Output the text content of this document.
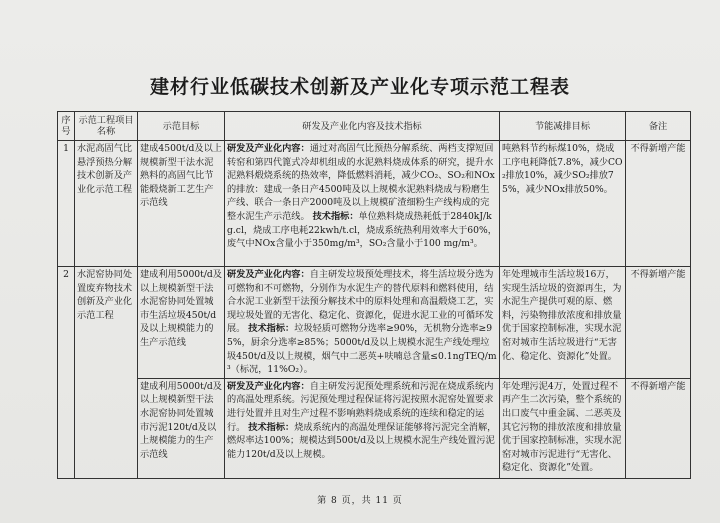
建材行业低碳技术创新及产业化专项示范工程表
序号	示范工程项目名称	示范目标	研发及产业化内容及技术指标	节能减排目标	备注
1	水泥高固气比悬浮预热分解技术创新及产业化示范工程	建成4500t/d及以上规模新型干法水泥熟料的高固气比节能煅烧新工艺生产示范线	研发及产业化内容：通过对高固气比预热分解系统、两档支撑短回转窑和第四代篦式冷却机组成的水泥熟料烧成体系的研究，提升水泥熟料煅烧系统的热效率，降低燃料消耗，减少CO₂、SO₂和NOx的排放：建成一条日产4500吨及以上规模水泥熟料烧成与粉磨生产线、联合一条日产2000吨及以上规模矿渣细粉生产线构成的完整水泥生产示范线。 技术指标：单位熟料烧成热耗低于2840kJ/kg.cl，烧成工序电耗22kwh/t.cl，烧成系统热利用效率大于60%，废气中NOx含量小于350mg/m³，SO₂含量小于100 mg/m³。	吨熟料节约标煤10%，烧成工序电耗降低7.8%，减少CO₂排放10%，减少SO₂排放75%，减少NOx排放50%。	不得新增产能
2	水泥窑协同处置废弃物技术创新及产业化示范工程	建成利用5000t/d及以上规模新型干法水泥窑协同处置城市生活垃圾450t/d及以上规模能力的生产示范线	研发及产业化内容：自主研发垃圾预处理技术，将生活垃圾分选为可燃物和不可燃物，分别作为水泥生产的替代原料和燃料使用，结合水泥工业新型干法预分解技术中的原料处理和高温煅烧工艺，实现垃圾处置的无害化、稳定化、资源化，促进水泥工业的可循环发展。 技术指标：垃圾轻质可燃物分选率≥90%，无机物分选率≥95%，厨余分选率≥85%；5000t/d及以上规模水泥生产线处理垃圾450t/d及以上规模，烟气中二恶英+呋喃总含量≤0.1ngTEQ/m³（标况，11%O₂）。	年处理城市生活垃圾16万，实现生活垃圾的资源再生，为水泥生产提供可观的原、燃料，污染物排放浓度和排放量优于国家控制标准，实现水泥窑对城市生活垃圾进行“无害化、稳定化、资源化”处置。	不得新增产能
		建成利用5000t/d及以上规模新型干法水泥窑协同处置城市污泥120t/d及以上规模能力的生产示范线	研发及产业化内容：自主研发污泥预处理系统和污泥在烧成系统内的高温处理系统。污泥预处理过程保证将污泥按照水泥窑处置要求进行处置并且对生产过程不影响熟料烧成系统的连续和稳定的运行。 技术指标：烧成系统内的高温处理保证能够将污泥完全消解，燃烬率达100%；规模达到500t/d及以上规模水泥生产线处置污泥能力120t/d及以上规模。	年处理污泥4万，处置过程不再产生二次污染，整个系统的出口废气中重金属、二恶英及其它污物的排放浓度和排放量优于国家控制标准，实现水泥窑对城市污泥进行“无害化、稳定化、资源化”处置。	不得新增产能
第 8 页，共 11 页
